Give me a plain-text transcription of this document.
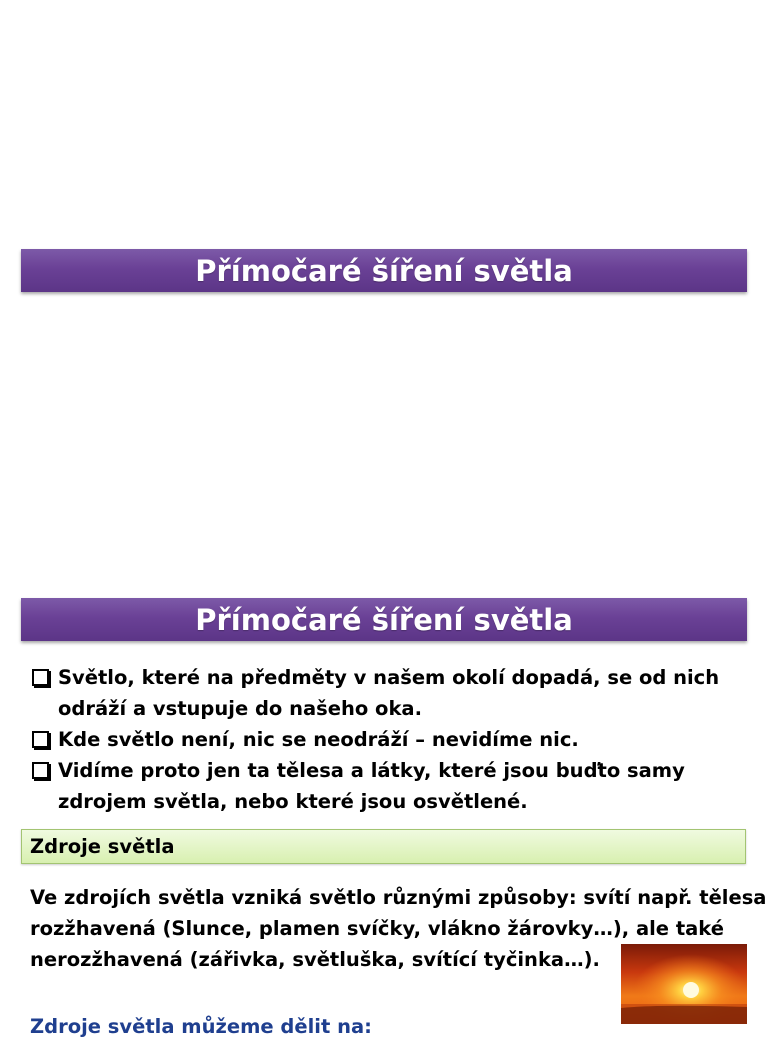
Přímočaré šíření světla
Přímočaré šíření světla
Světlo, které na předměty v našem okolí dopadá, se od nich
odráží a vstupuje do našeho oka.
Kde světlo není, nic se neodráží – nevidíme nic.
Vidíme proto jen ta tělesa a látky, které jsou buďto samy
zdrojem světla, nebo které jsou osvětlené.
Zdroje světla
Ve zdrojích světla vzniká světlo různými způsoby: svítí např. tělesa
rozžhavená (Slunce, plamen svíčky, vlákno žárovky…), ale také
nerozžhavená (zářivka, světluška, svítící tyčinka…).
Zdroje světla můžeme dělit na:
